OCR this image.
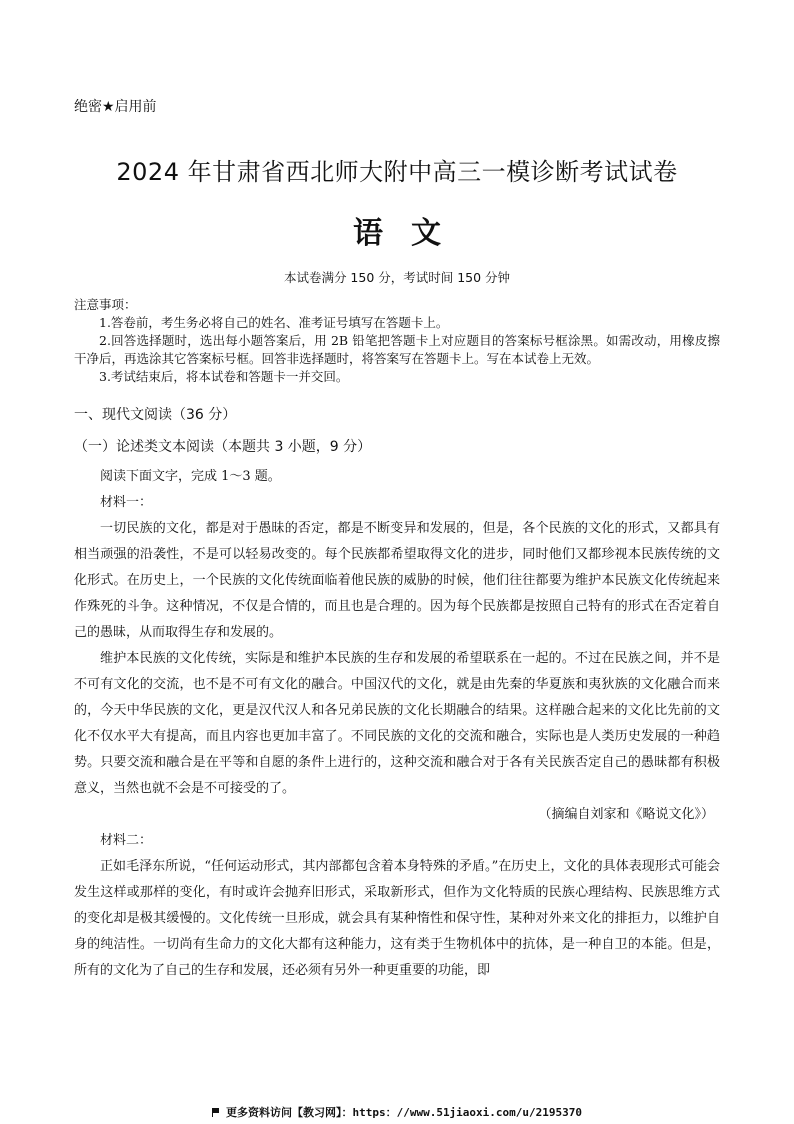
绝密★启用前
2024 年甘肃省西北师大附中高三一模诊断考试试卷
语文
本试卷满分 150 分，考试时间 150 分钟
注意事项：
1.答卷前，考生务必将自己的姓名、准考证号填写在答题卡上。
2.回答选择题时，选出每小题答案后，用 2B 铅笔把答题卡上对应题目的答案标号框涂黑。如需改动，用橡皮擦干净后，再选涂其它答案标号框。回答非选择题时，将答案写在答题卡上。写在本试卷上无效。
3.考试结束后，将本试卷和答题卡一并交回。
一、现代文阅读（36 分）
（一）论述类文本阅读（本题共 3 小题，9 分）

阅读下面文字，完成 1～3 题。

材料一：

一切民族的文化，都是对于愚昧的否定，都是不断变异和发展的，但是，各个民族的文化的形式，又都具有相当顽强的沿袭性，不是可以轻易改变的。每个民族都希望取得文化的进步，同时他们又都珍视本民族传统的文化形式。在历史上，一个民族的文化传统面临着他民族的威胁的时候，他们往往都要为维护本民族文化传统起来作殊死的斗争。这种情况，不仅是合情的，而且也是合理的。因为每个民族都是按照自己特有的形式在否定着自己的愚昧，从而取得生存和发展的。

维护本民族的文化传统，实际是和维护本民族的生存和发展的希望联系在一起的。不过在民族之间，并不是不可有文化的交流，也不是不可有文化的融合。中国汉代的文化，就是由先秦的华夏族和夷狄族的文化融合而来的，今天中华民族的文化，更是汉代汉人和各兄弟民族的文化长期融合的结果。这样融合起来的文化比先前的文化不仅水平大有提高，而且内容也更加丰富了。不同民族的文化的交流和融合，实际也是人类历史发展的一种趋势。只要交流和融合是在平等和自愿的条件上进行的，这种交流和融合对于各有关民族否定自己的愚昧都有积极意义，当然也就不会是不可接受的了。

（摘编自刘家和《略说文化》）

材料二：

正如毛泽东所说，“任何运动形式，其内部都包含着本身特殊的矛盾。”在历史上，文化的具体表现形式可能会发生这样或那样的变化，有时或许会抛弃旧形式，采取新形式，但作为文化特质的民族心理结构、民族思维方式的变化却是极其缓慢的。文化传统一旦形成，就会具有某种惰性和保守性，某种对外来文化的排拒力，以维护自身的纯洁性。一切尚有生命力的文化大都有这种能力，这有类于生物机体中的抗体，是一种自卫的本能。但是，所有的文化为了自己的生存和发展，还必须有另外一种更重要的功能，即

更多资料访问【教习网】：https：//www.51jiaoxi.com/u/2195370
